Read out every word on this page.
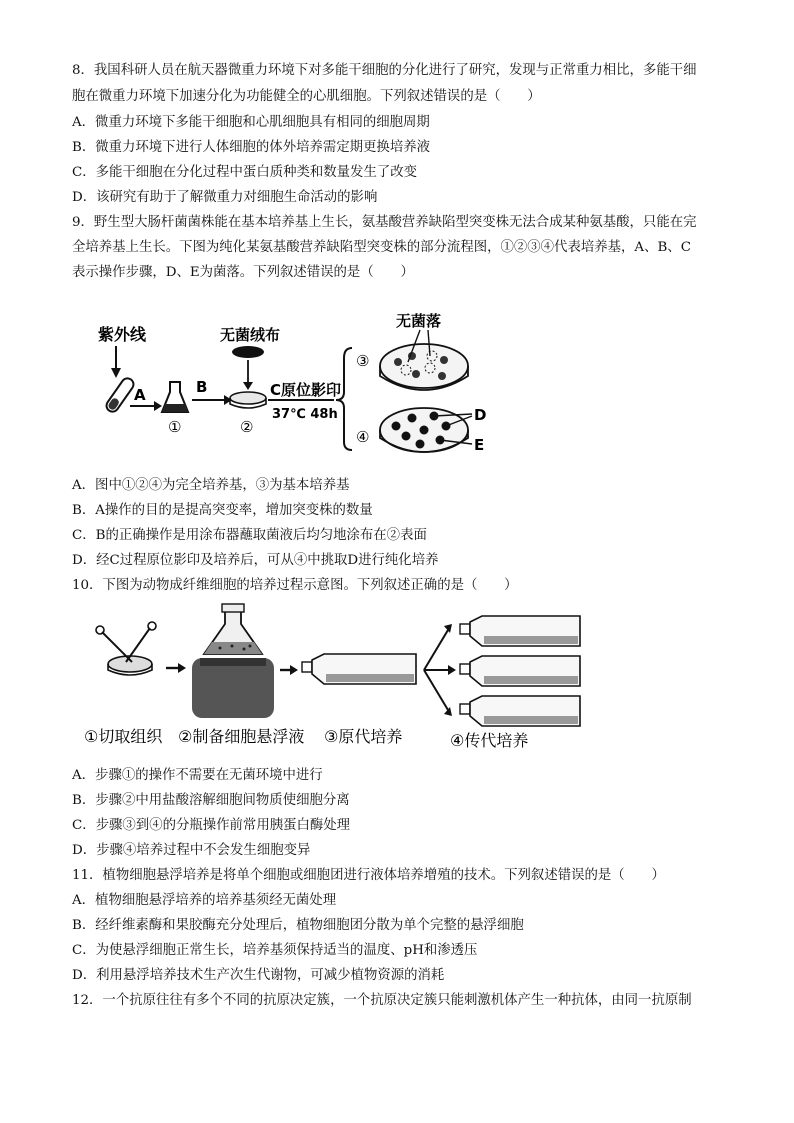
8．我国科研人员在航天器微重力环境下对多能干细胞的分化进行了研究，发现与正常重力相比，多能干细
胞在微重力环境下加速分化为功能健全的心肌细胞。下列叙述错误的是（　　）
A．微重力环境下多能干细胞和心肌细胞具有相同的细胞周期
B．微重力环境下进行人体细胞的体外培养需定期更换培养液
C．多能干细胞在分化过程中蛋白质种类和数量发生了改变
D．该研究有助于了解微重力对细胞生命活动的影响
9．野生型大肠杆菌菌株能在基本培养基上生长，氨基酸营养缺陷型突变株无法合成某种氨基酸，只能在完
全培养基上生长。下图为纯化某氨基酸营养缺陷型突变株的部分流程图，①②③④代表培养基，A、B、C
表示操作步骤，D、E为菌落。下列叙述错误的是（　　）
紫外线
A
①
B
无菌绒布
②
C原位影印
37℃ 48h
③
无菌落
④
D
E
A．图中①②④为完全培养基，③为基本培养基
B．A操作的目的是提高突变率，增加突变株的数量
C．B的正确操作是用涂布器蘸取菌液后均匀地涂布在②表面
D．经C过程原位影印及培养后，可从④中挑取D进行纯化培养
10．下图为动物成纤维细胞的培养过程示意图。下列叙述正确的是（　　）
①切取组织 ②制备细胞悬浮液 ③原代培养	④传代培养
A．步骤①的操作不需要在无菌环境中进行
B．步骤②中用盐酸溶解细胞间物质使细胞分离
C．步骤③到④的分瓶操作前常用胰蛋白酶处理
D．步骤④培养过程中不会发生细胞变异
11．植物细胞悬浮培养是将单个细胞或细胞团进行液体培养增殖的技术。下列叙述错误的是（　　）
A．植物细胞悬浮培养的培养基须经无菌处理
B．经纤维素酶和果胶酶充分处理后，植物细胞团分散为单个完整的悬浮细胞
C．为使悬浮细胞正常生长，培养基须保持适当的温度、pH和渗透压
D．利用悬浮培养技术生产次生代谢物，可减少植物资源的消耗
12．一个抗原往往有多个不同的抗原决定簇，一个抗原决定簇只能刺激机体产生一种抗体，由同一抗原制
